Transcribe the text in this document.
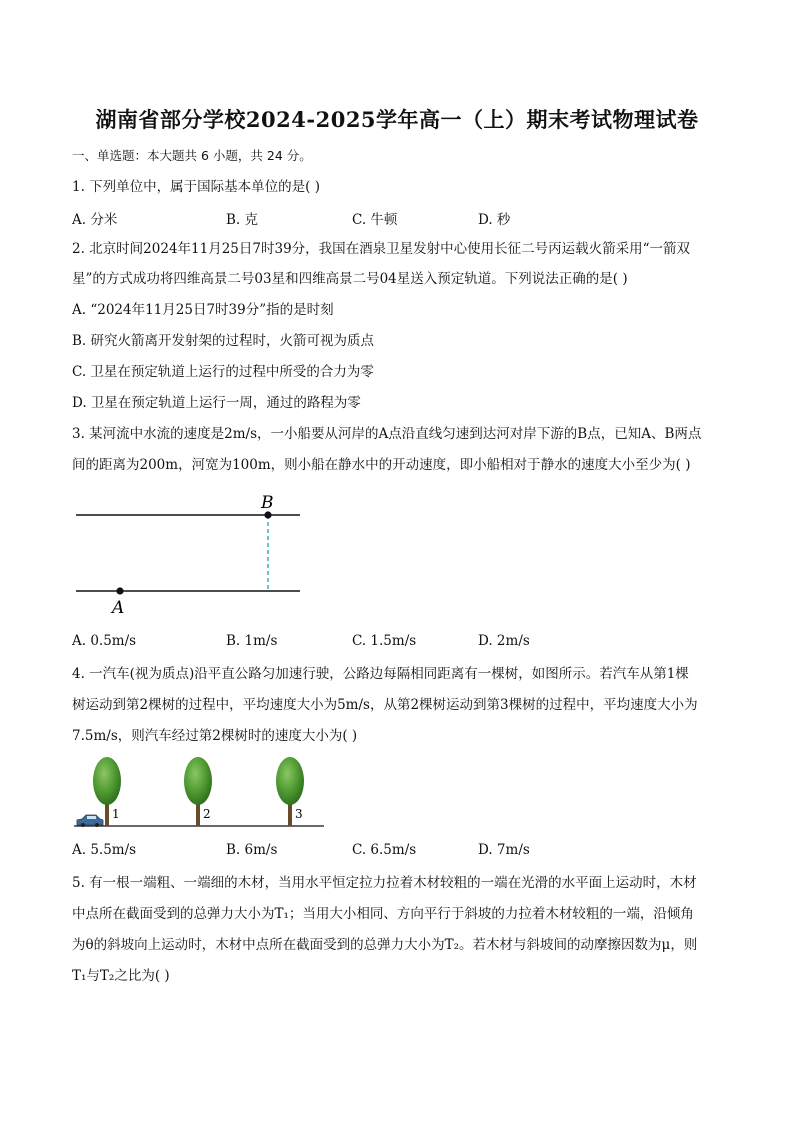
湖南省部分学校2024-2025学年高一（上）期末考试物理试卷
一、单选题：本大题共 6 小题，共 24 分。
1. 下列单位中，属于国际基本单位的是( )
A. 分米	B. 克	C. 牛顿	D. 秒
2. 北京时间2024年11月25日7时39分，我国在酒泉卫星发射中心使用长征二号丙运载火箭采用“一箭双
星”的方式成功将四维高景二号03星和四维高景二号04星送入预定轨道。下列说法正确的是( )
A. “2024年11月25日7时39分”指的是时刻
B. 研究火箭离开发射架的过程时，火箭可视为质点
C. 卫星在预定轨道上运行的过程中所受的合力为零
D. 卫星在预定轨道上运行一周，通过的路程为零
3. 某河流中水流的速度是2m/s，一小船要从河岸的A点沿直线匀速到达河对岸下游的B点，已知A、B两点
间的距离为200m，河宽为100m，则小船在静水中的开动速度，即小船相对于静水的速度大小至少为( )
B
A
A. 0.5m/s	B. 1m/s	C. 1.5m/s	D. 2m/s
4. 一汽车(视为质点)沿平直公路匀加速行驶，公路边每隔相同距离有一棵树，如图所示。若汽车从第1棵
树运动到第2棵树的过程中，平均速度大小为5m/s，从第2棵树运动到第3棵树的过程中，平均速度大小为
7.5m/s，则汽车经过第2棵树时的速度大小为( )
1	2	3
A. 5.5m/s	B. 6m/s	C. 6.5m/s	D. 7m/s
5. 有一根一端粗、一端细的木材，当用水平恒定拉力拉着木材较粗的一端在光滑的水平面上运动时，木材
中点所在截面受到的总弹力大小为T₁；当用大小相同、方向平行于斜坡的力拉着木材较粗的一端，沿倾角
为θ的斜坡向上运动时，木材中点所在截面受到的总弹力大小为T₂。若木材与斜坡间的动摩擦因数为μ，则
T₁与T₂之比为( )
